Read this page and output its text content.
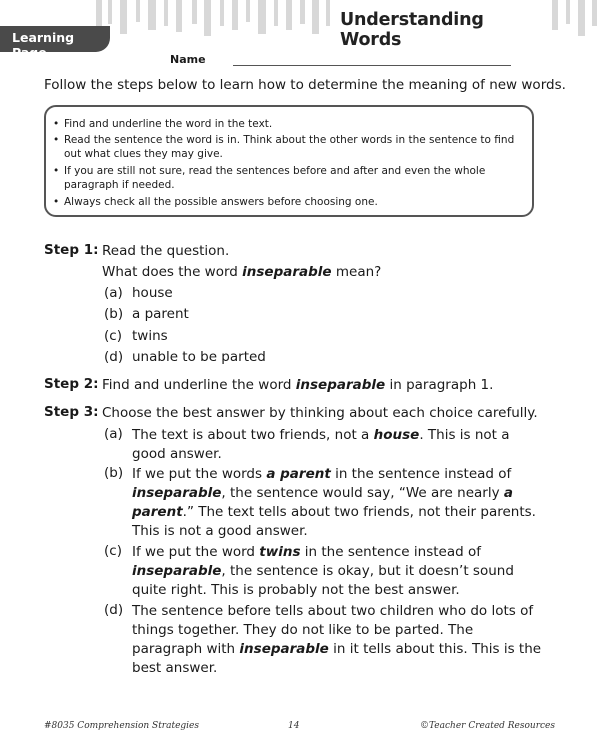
Learning Page
Understanding Words
Name
Follow the steps below to learn how to determine the meaning of new words.
• Find and underline the word in the text.
• Read the sentence the word is in. Think about the other words in the sentence to find out what clues they may give.
• If you are still not sure, read the sentences before and after and even the whole paragraph if needed.
• Always check all the possible answers before choosing one.
Step 1: Read the question.
What does the word inseparable mean?
(a) house
(b) a parent
(c) twins
(d) unable to be parted
Step 2: Find and underline the word inseparable in paragraph 1.
Step 3: Choose the best answer by thinking about each choice carefully.
(a) The text is about two friends, not a house. This is not a good answer.
(b) If we put the words a parent in the sentence instead of inseparable, the sentence would say, “We are nearly a parent.” The text tells about two friends, not their parents. This is not a good answer.
(c) If we put the word twins in the sentence instead of inseparable, the sentence is okay, but it doesn’t sound quite right. This is probably not the best answer.
(d) The sentence before tells about two children who do lots of things together. They do not like to be parted. The paragraph with inseparable in it tells about this. This is the best answer.
#8035 Comprehension Strategies	14	©Teacher Created Resources
